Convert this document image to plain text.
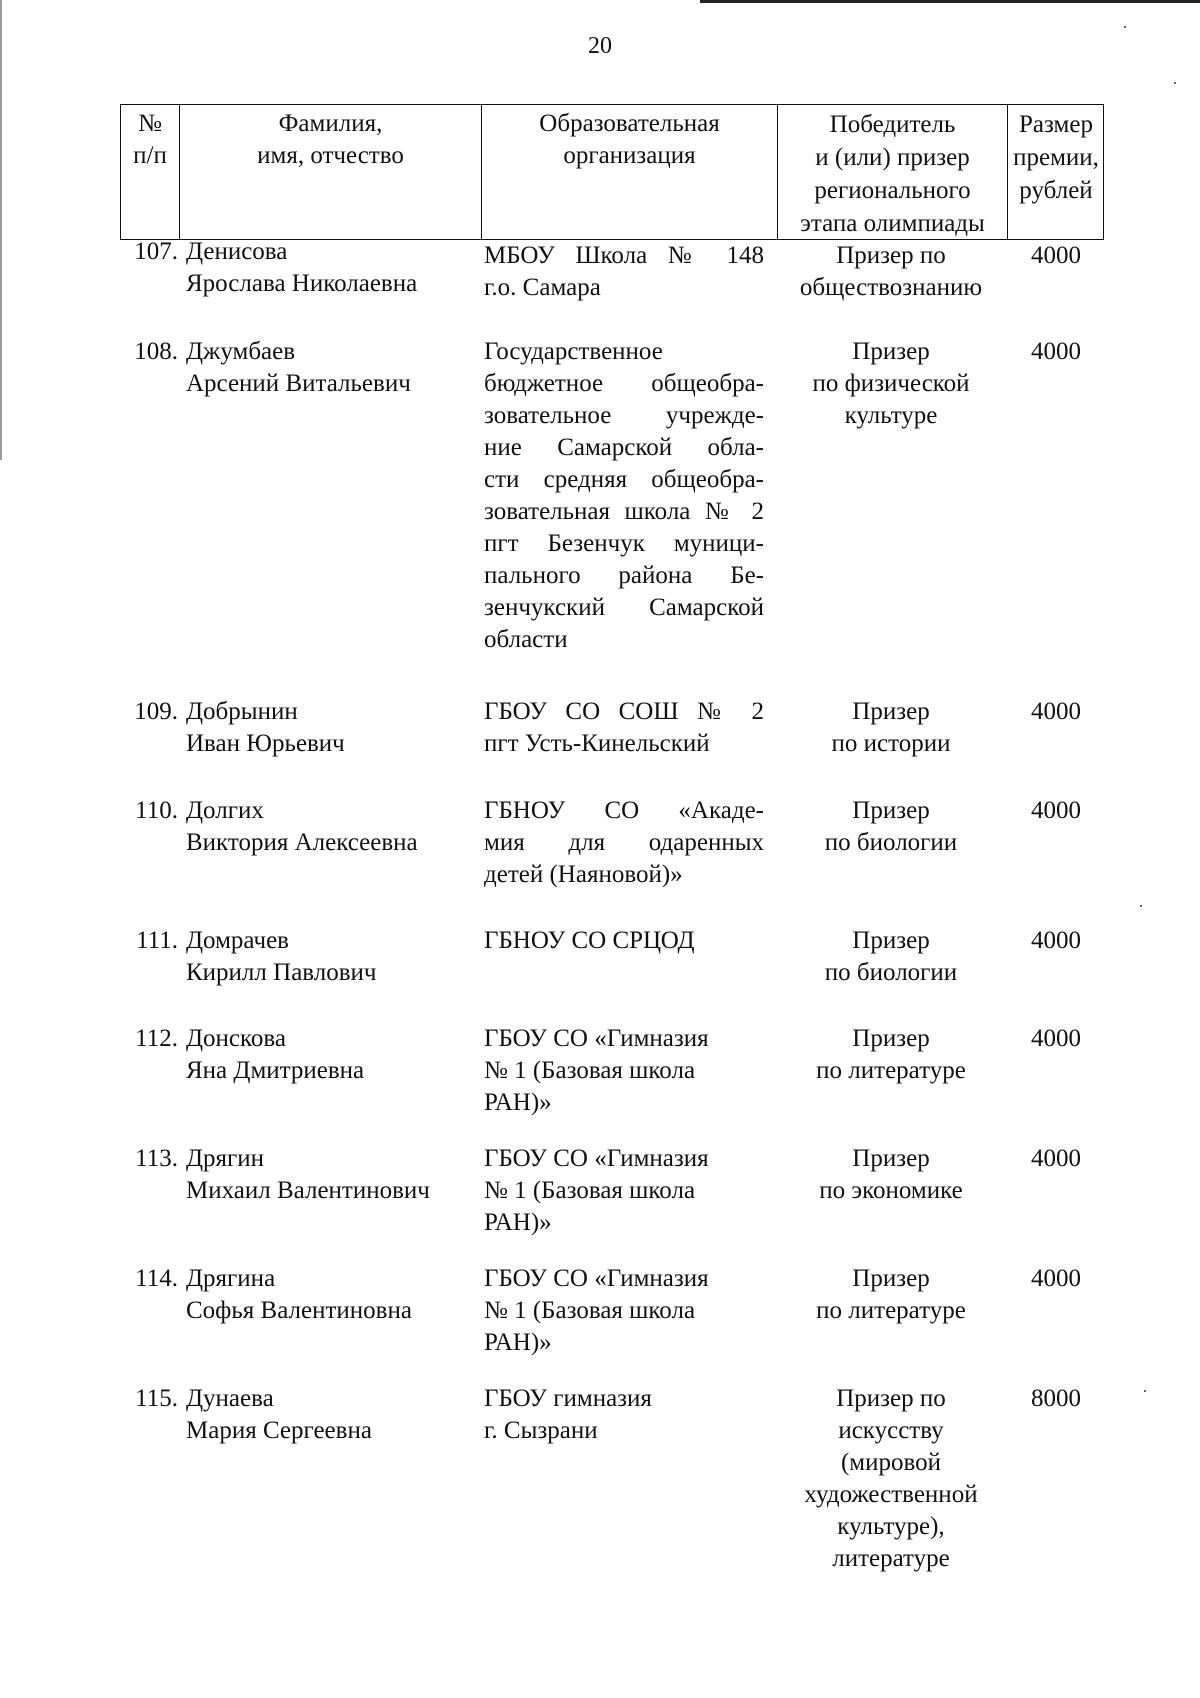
20
№
п/п
Фамилия,
имя, отчество
Образовательная
организация
Победитель
и (или) призер
регионального
этапа олимпиады
Размер
премии,
рублей
107. Денисова
Ярослава Николаевна
МБОУ Школа № 148
г.о. Самара
Призер по
обществознанию
4000
108. Джумбаев
Арсений Витальевич
Государственное
бюджетное общеобра-
зовательное учрежде-
ние Самарской обла-
сти средняя общеобра-
зовательная школа № 2
пгт Безенчук муници-
пального района Бе-
зенчукский Самарской
области
Призер
по физической
культуре
4000
109. Добрынин
Иван Юрьевич
ГБОУ СО СОШ № 2
пгт Усть-Кинельский
Призер
по истории
4000
110. Долгих
Виктория Алексеевна
ГБНОУ СО «Акаде-
мия для одаренных
детей (Наяновой)»
Призер
по биологии
4000
111. Домрачев
Кирилл Павлович
ГБНОУ СО СРЦОД	Призер
по биологии
4000
112. Донскова
Яна Дмитриевна
ГБОУ СО «Гимназия
№ 1 (Базовая школа
РАН)»
Призер
по литературе
4000
113. Дрягин
Михаил Валентинович
ГБОУ СО «Гимназия
№ 1 (Базовая школа
РАН)»
Призер
по экономике
4000
114. Дрягина
Софья Валентиновна
ГБОУ СО «Гимназия
№ 1 (Базовая школа
РАН)»
Призер
по литературе
4000
115. Дунаева
Мария Сергеевна
ГБОУ гимназия
г. Сызрани
Призер по
искусству
(мировой
художественной
культуре),
литературе
8000
